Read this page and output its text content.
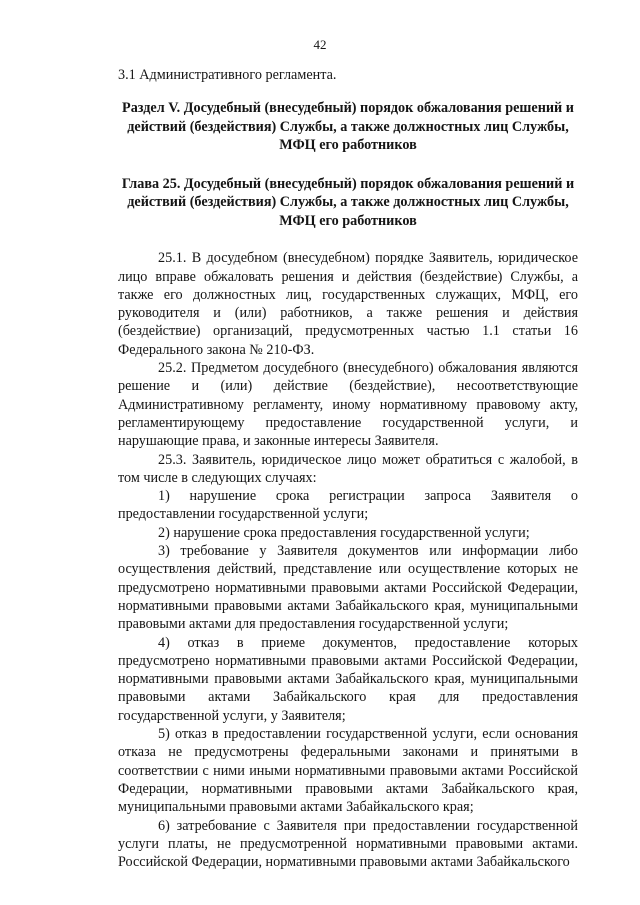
42

3.1 Административного регламента.

Раздел V. Досудебный (внесудебный) порядок обжалования решений и действий (бездействия) Службы, а также должностных лиц Службы, МФЦ его работников

Глава 25. Досудебный (внесудебный) порядок обжалования решений и действий (бездействия) Службы, а также должностных лиц Службы, МФЦ его работников

25.1. В досудебном (внесудебном) порядке Заявитель, юридическое лицо вправе обжаловать решения и действия (бездействие) Службы, а также его должностных лиц, государственных служащих, МФЦ, его руководителя и (или) работников, а также решения и действия (бездействие) организаций, предусмотренных частью 1.1 статьи 16 Федерального закона № 210-ФЗ.

25.2. Предметом досудебного (внесудебного) обжалования являются решение и (или) действие (бездействие), несоответствующие Административному регламенту, иному нормативному правовому акту, регламентирующему предоставление государственной услуги, и нарушающие права, и законные интересы Заявителя.

25.3. Заявитель, юридическое лицо может обратиться с жалобой, в том числе в следующих случаях:

1) нарушение срока регистрации запроса Заявителя о предоставлении государственной услуги;

2) нарушение срока предоставления государственной услуги;

3) требование у Заявителя документов или информации либо осуществления действий, представление или осуществление которых не предусмотрено нормативными правовыми актами Российской Федерации, нормативными правовыми актами Забайкальского края, муниципальными правовыми актами для предоставления государственной услуги;

4) отказ в приеме документов, предоставление которых предусмотрено нормативными правовыми актами Российской Федерации, нормативными правовыми актами Забайкальского края, муниципальными правовыми актами Забайкальского края для предоставления государственной услуги, у Заявителя;

5) отказ в предоставлении государственной услуги, если основания отказа не предусмотрены федеральными законами и принятыми в соответствии с ними иными нормативными правовыми актами Российской Федерации, нормативными правовыми актами Забайкальского края, муниципальными правовыми актами Забайкальского края;

6) затребование с Заявителя при предоставлении государственной услуги платы, не предусмотренной нормативными правовыми актами. Российской Федерации, нормативными правовыми актами Забайкальского
